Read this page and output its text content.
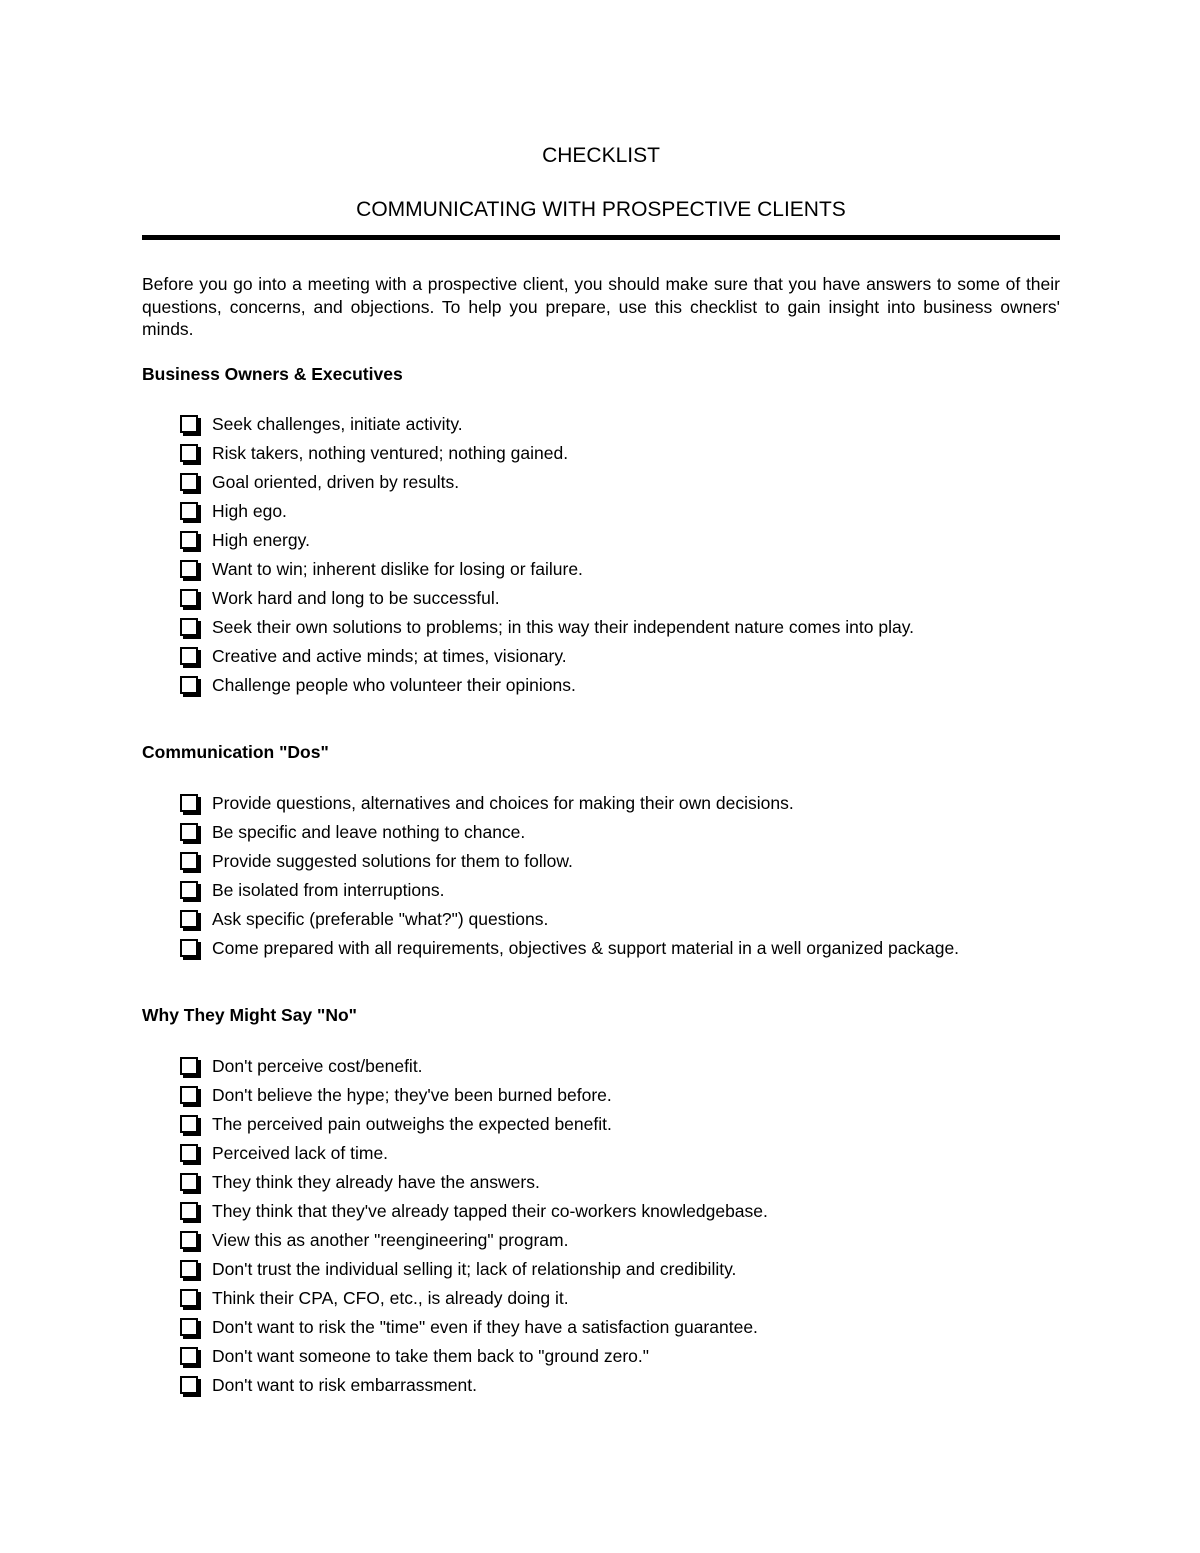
CHECKLIST
COMMUNICATING WITH PROSPECTIVE CLIENTS
Before you go into a meeting with a prospective client, you should make sure that you have answers to some of their questions, concerns, and objections. To help you prepare, use this checklist to gain insight into business owners' minds.
Business Owners & Executives
Seek challenges, initiate activity.
Risk takers, nothing ventured; nothing gained.
Goal oriented, driven by results.
High ego.
High energy.
Want to win; inherent dislike for losing or failure.
Work hard and long to be successful.
Seek their own solutions to problems; in this way their independent nature comes into play.
Creative and active minds; at times, visionary.
Challenge people who volunteer their opinions.
Communication "Dos"
Provide questions, alternatives and choices for making their own decisions.
Be specific and leave nothing to chance.
Provide suggested solutions for them to follow.
Be isolated from interruptions.
Ask specific (preferable "what?") questions.
Come prepared with all requirements, objectives & support material in a well organized package.
Why They Might Say "No"
Don't perceive cost/benefit.
Don't believe the hype; they've been burned before.
The perceived pain outweighs the expected benefit.
Perceived lack of time.
They think they already have the answers.
They think that they've already tapped their co-workers knowledgebase.
View this as another "reengineering" program.
Don't trust the individual selling it; lack of relationship and credibility.
Think their CPA, CFO, etc., is already doing it.
Don't want to risk the "time" even if they have a satisfaction guarantee.
Don't want someone to take them back to "ground zero."
Don't want to risk embarrassment.
